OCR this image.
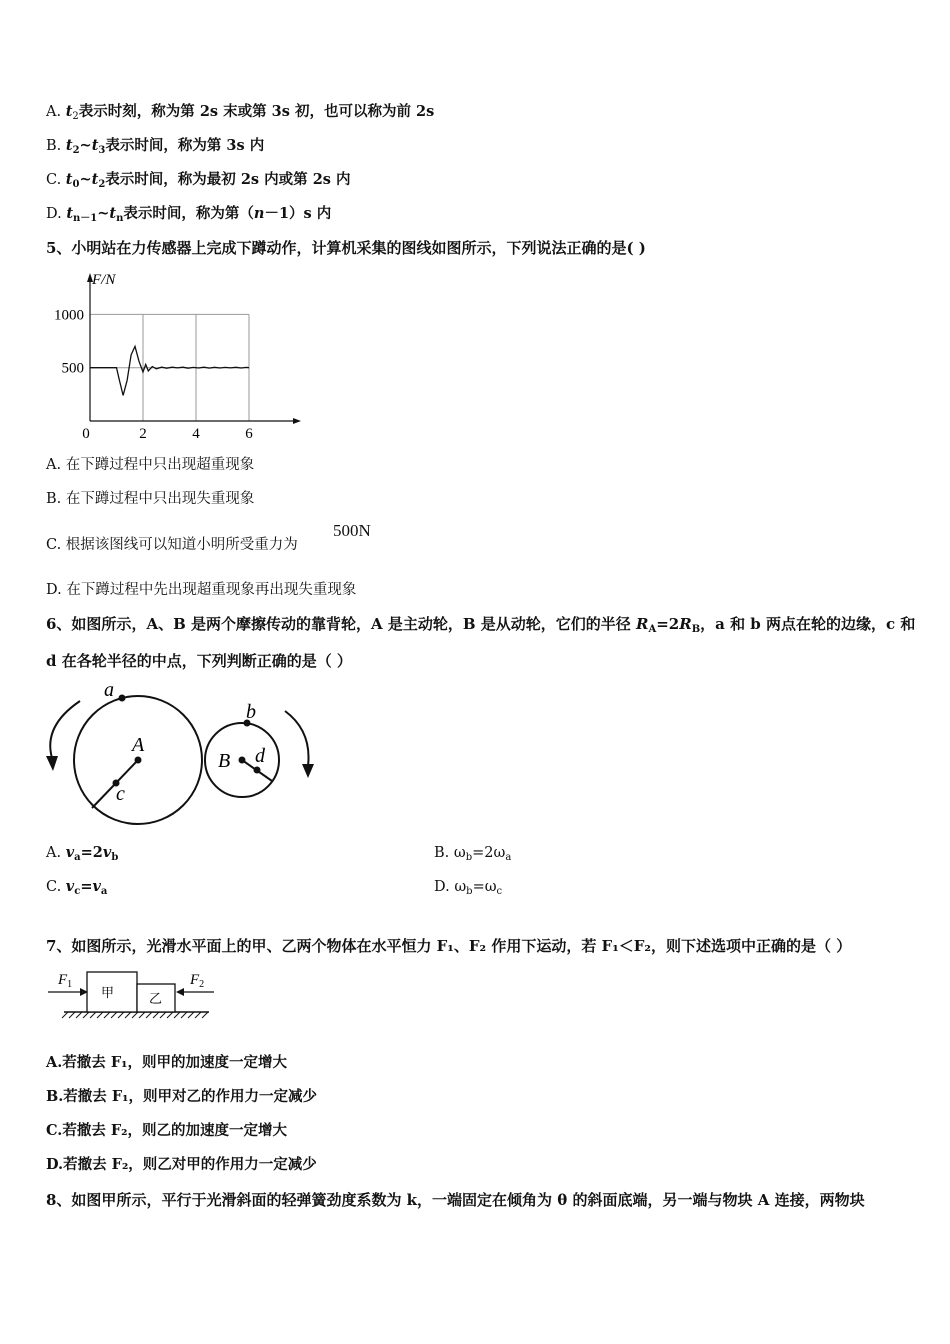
A. $t_2$表示时刻，称为第 2s 末或第 3s 初，也可以称为前 2s
B. $t_2\sim t_3$表示时间，称为第 3s 内
C. $t_0\sim t_2$表示时间，称为最初 2s 内或第 2s 内
D. $t_{n-1}\sim t_n$表示时间，称为第（n－1）s 内
5、小明站在力传感器上完成下蹲动作，计算机采集的图线如图所示，下列说法正确的是( )
F/N
500
1000
0	2	4	6
A. 在下蹲过程中只出现超重现象
B. 在下蹲过程中只出现失重现象
C. 根据该图线可以知道小明所受重力为
500N
D. 在下蹲过程中先出现超重现象再出现失重现象
6、如图所示，A、B 是两个摩擦传动的靠背轮，A 是主动轮，B 是从动轮，它们的半径 $R_A=2R_B$，a 和 b 两点在轮的边缘，c 和
d 在各轮半径的中点，下列判断正确的是（ ）
a
A
c
b
B d
A. $v_a=2v_b$	B. $\omega_b=2\omega_a$
C. $v_c=v_a$	D. $\omega_b=\omega_c$
7、如图所示，光滑水平面上的甲、乙两个物体在水平恒力 F₁、F₂ 作用下运动，若 F₁＜F₂，则下述选项中正确的是（ ）
甲	乙
$F_1$	$F_2$
A.若撤去 F₁，则甲的加速度一定增大
B.若撤去 F₁，则甲对乙的作用力一定减少
C.若撤去 F₂，则乙的加速度一定增大
D.若撤去 F₂，则乙对甲的作用力一定减少
8、如图甲所示，平行于光滑斜面的轻弹簧劲度系数为 k，一端固定在倾角为 θ 的斜面底端，另一端与物块 A 连接，两物块
